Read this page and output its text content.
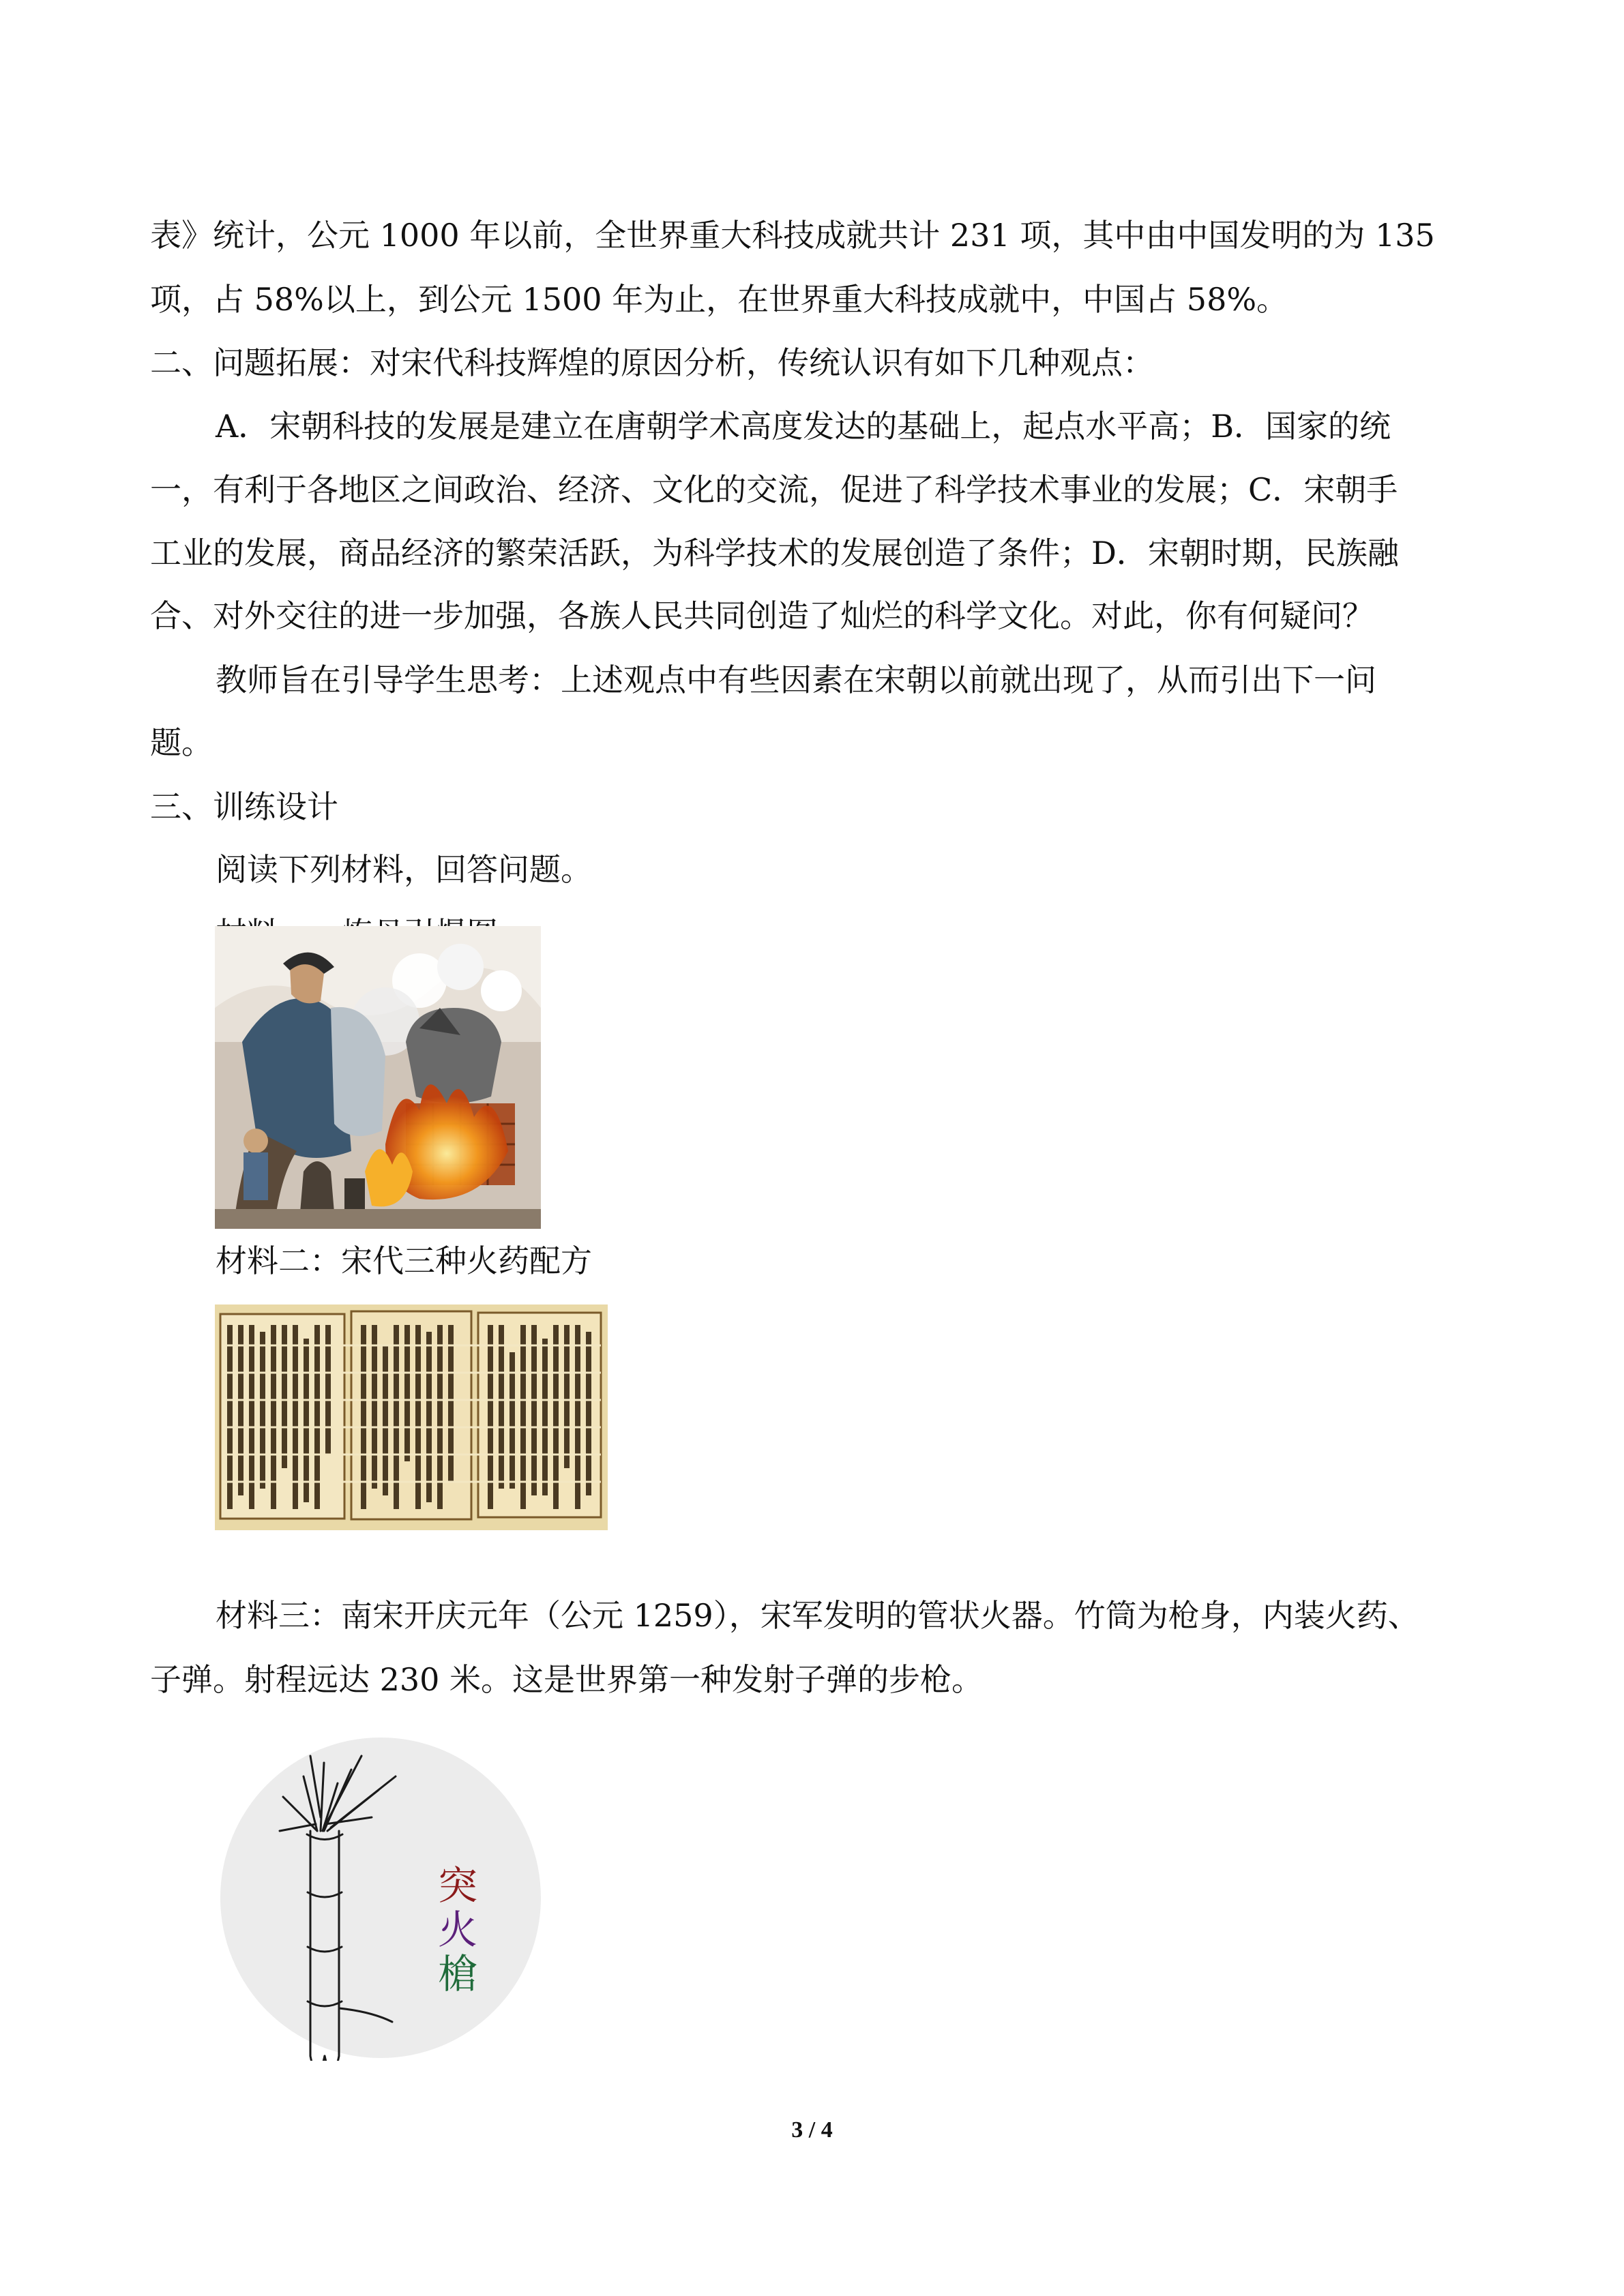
表》统计，公元 1000 年以前，全世界重大科技成就共计 231 项，其中由中国发明的为 135
项，占 58%以上，到公元 1500 年为止，在世界重大科技成就中，中国占 58%。
二、问题拓展：对宋代科技辉煌的原因分析，传统认识有如下几种观点：
A．宋朝科技的发展是建立在唐朝学术高度发达的基础上，起点水平高；B．国家的统
一，有利于各地区之间政治、经济、文化的交流，促进了科学技术事业的发展；C．宋朝手
工业的发展，商品经济的繁荣活跃，为科学技术的发展创造了条件；D．宋朝时期，民族融
合、对外交往的进一步加强，各族人民共同创造了灿烂的科学文化。对此，你有何疑问？
教师旨在引导学生思考：上述观点中有些因素在宋朝以前就出现了，从而引出下一问
题。
三、训练设计
阅读下列材料，回答问题。
材料二：宋代三种火药配方
材料三：南宋开庆元年（公元 1259），宋军发明的管状火器。竹筒为枪身，内装火药、
子弹。射程远达 230 米。这是世界第一种发射子弹的步枪。
突
火
槍
3 / 4
